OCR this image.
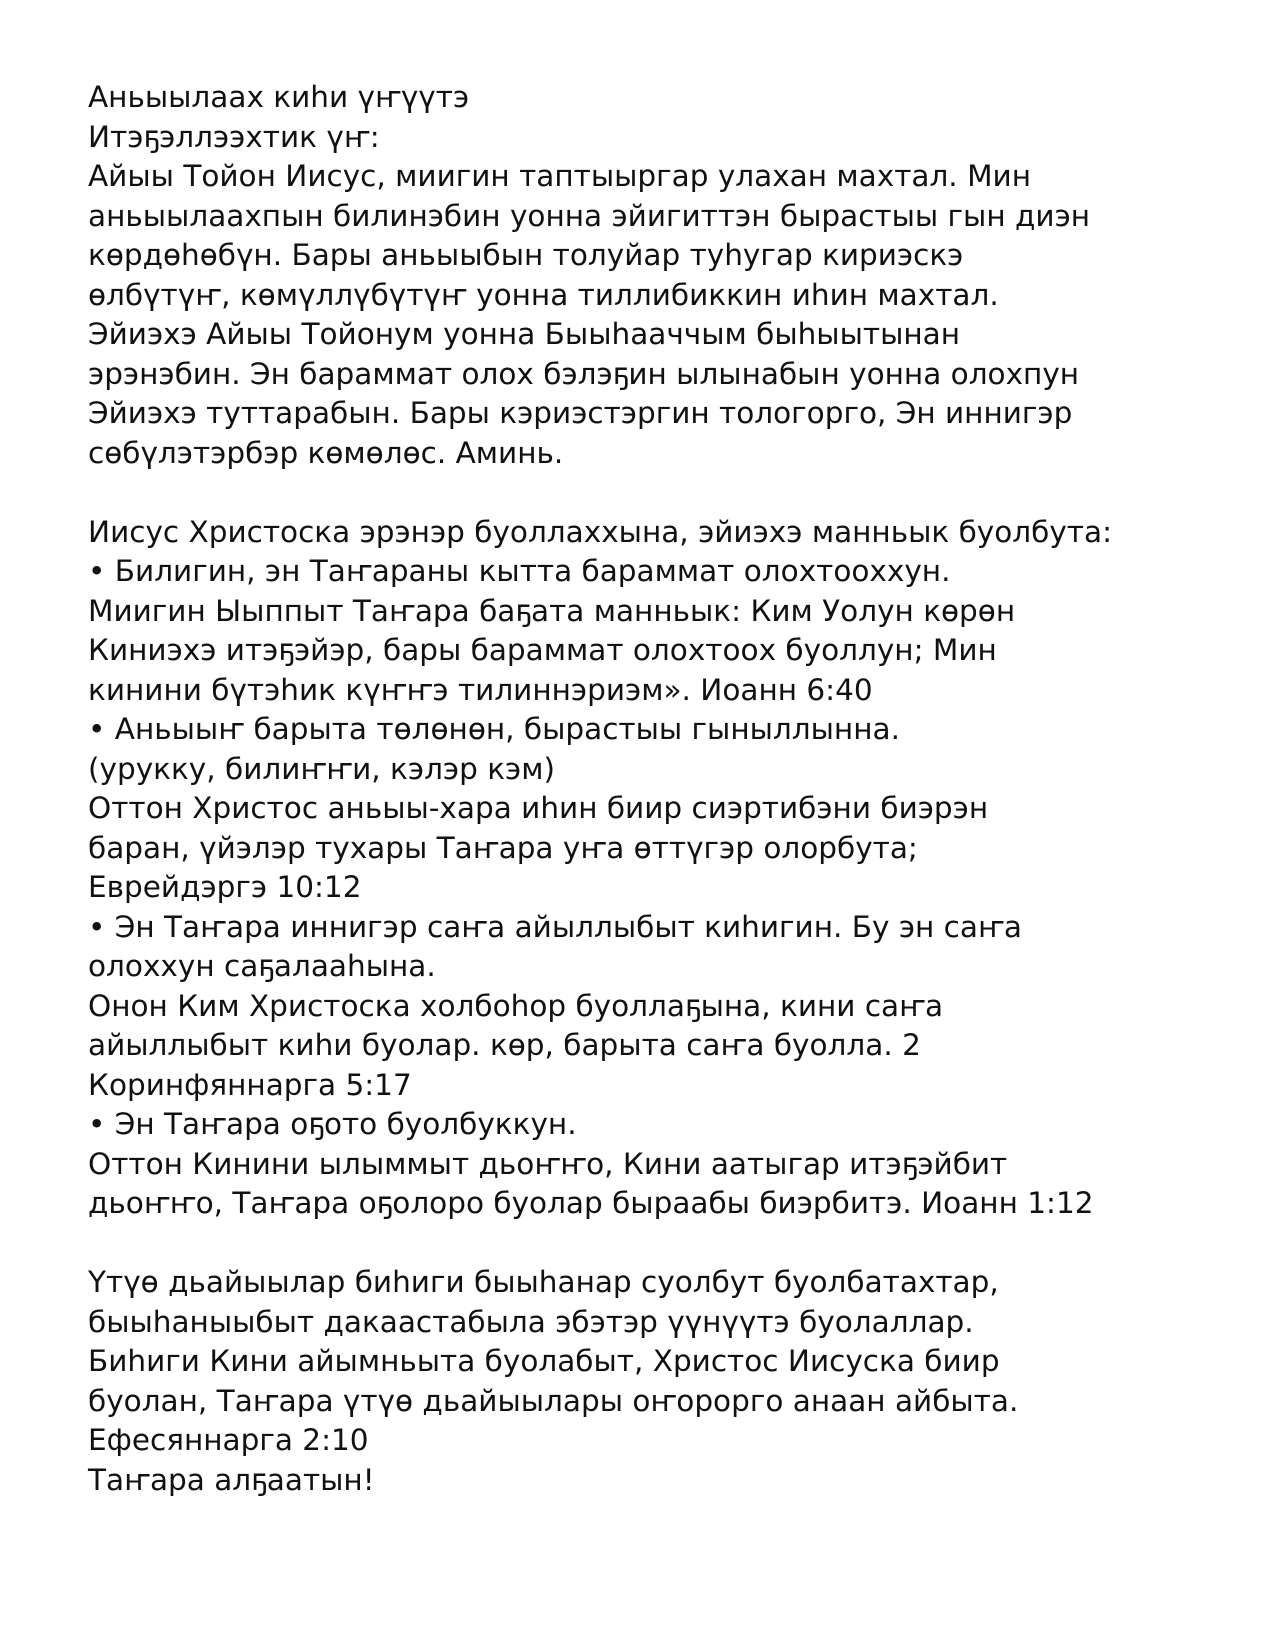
Аньыылаах киһи үҥүүтэ
Итэҕэллээхтик үҥ:
Айыы Тойон Иисус, миигин таптыыргар улахан махтал. Мин
аньыылаахпын билинэбин уонна эйигиттэн бырастыы гын диэн
көрдөһөбүн. Бары аньыыбын толуйар туһугар кириэскэ
өлбүтүҥ, көмүллүбүтүҥ уонна тиллибиккин иһин махтал.
Эйиэхэ Айыы Тойонум уонна Быыһааччым быһыытынан
эрэнэбин. Эн бараммат олох бэлэҕин ылынабын уонна олохпун
Эйиэхэ туттарабын. Бары кэриэстэргин тологорго, Эн иннигэр
сөбүлэтэрбэр көмөлөс. Аминь.
Иисус Христоска эрэнэр буоллаххына, эйиэхэ манньык буолбута:
• Билигин, эн Таҥараны кытта бараммат олохтооххун.
Миигин Ыыппыт Таҥара баҕата манньык: Ким Уолун көрөн
Киниэхэ итэҕэйэр, бары бараммат олохтоох буоллун; Мин
кинини бүтэһик күҥҥэ тилиннэриэм». Иоанн 6:40
• Аньыыҥ барыта төлөнөн, бырастыы гыныллынна.
(урукку, билиҥҥи, кэлэр кэм)
Оттон Христос аньыы-хара иһин биир сиэртибэни биэрэн
баран, үйэлэр тухары Таҥара уҥа өттүгэр олорбута;
Еврейдэргэ 10:12
• Эн Таҥара иннигэр саҥа айыллыбыт киһигин. Бу эн саҥа
олоххун саҕалааһына.
Онон Ким Христоска холбоһор буоллаҕына, кини саҥа
айыллыбыт киһи буолар. көр, барыта саҥа буолла. 2
Коринфяннарга 5:17
• Эн Таҥара оҕото буолбуккун.
Оттон Кинини ылыммыт дьоҥҥо, Кини аатыгар итэҕэйбит
дьоҥҥо, Таҥара оҕолоро буолар быраабы биэрбитэ. Иоанн 1:12
Үтүө дьайыылар биһиги быыһанар суолбут буолбатахтар,
быыһаныыбыт дакаастабыла эбэтэр үүнүүтэ буолаллар.
Биһиги Кини айымньыта буолабыт, Христос Иисуска биир
буолан, Таҥара үтүө дьайыылары оҥорорго анаан айбыта.
Ефесяннарга 2:10
Таҥара алҕаатын!
